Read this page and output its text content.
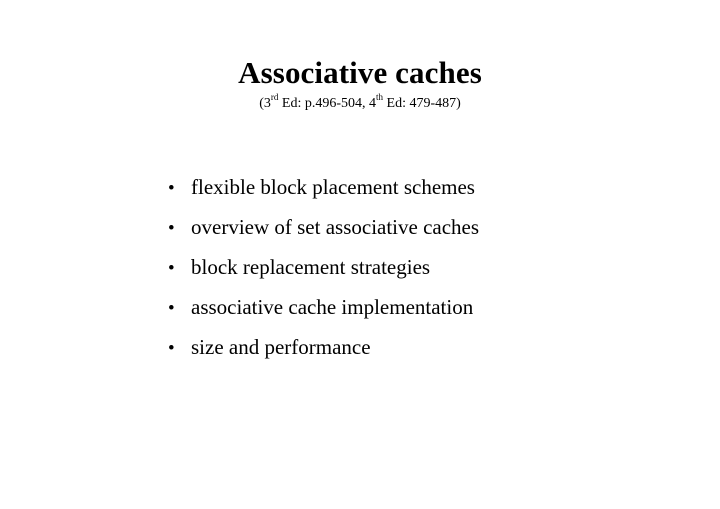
Associative caches
(3rd Ed: p.496-504, 4th Ed: 479-487)
• flexible block placement schemes
• overview of set associative caches
• block replacement strategies
• associative cache implementation
• size and performance
